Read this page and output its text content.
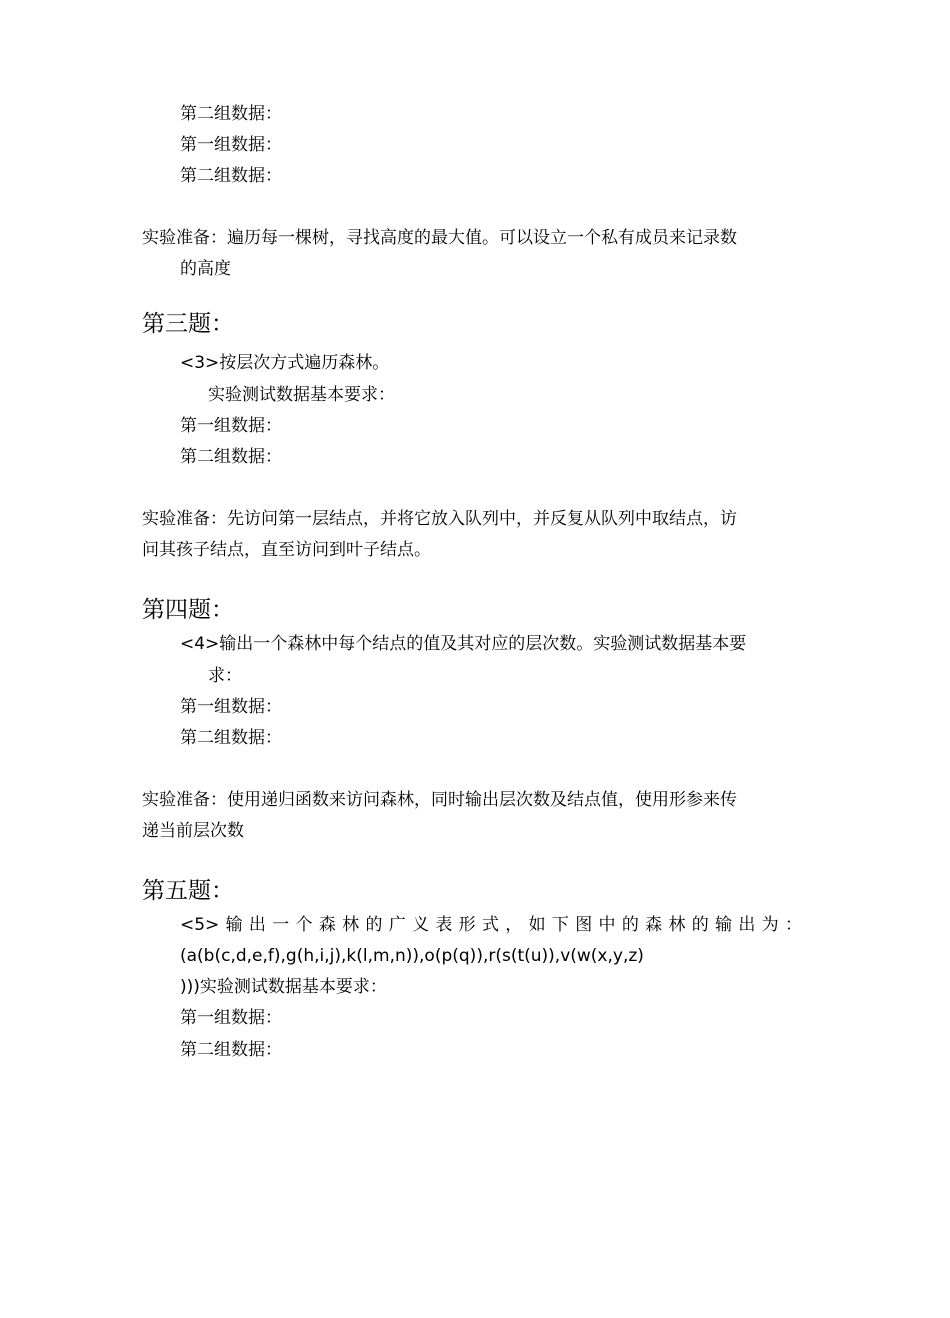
第二组数据：
第一组数据：
第二组数据：
实验准备：遍历每一棵树，寻找高度的最大值。可以设立一个私有成员来记录数
的高度
第三题：
<3>按层次方式遍历森林。
实验测试数据基本要求：
第一组数据：
第二组数据：
实验准备：先访问第一层结点，并将它放入队列中，并反复从队列中取结点，访
问其孩子结点，直至访问到叶子结点。
第四题：
<4>输出一个森林中每个结点的值及其对应的层次数。实验测试数据基本要
求：
第一组数据：
第二组数据：
实验准备：使用递归函数来访问森林，同时输出层次数及结点值，使用形参来传
递当前层次数
第五题：
<5>输出一个森林的广义表形式，如下图中的森林的输出为：
(a(b(c,d,e,f),g(h,i,j),k(l,m,n)),o(p(q)),r(s(t(u)),v(w(x,y,z)
)))实验测试数据基本要求：
第一组数据：
第二组数据：
